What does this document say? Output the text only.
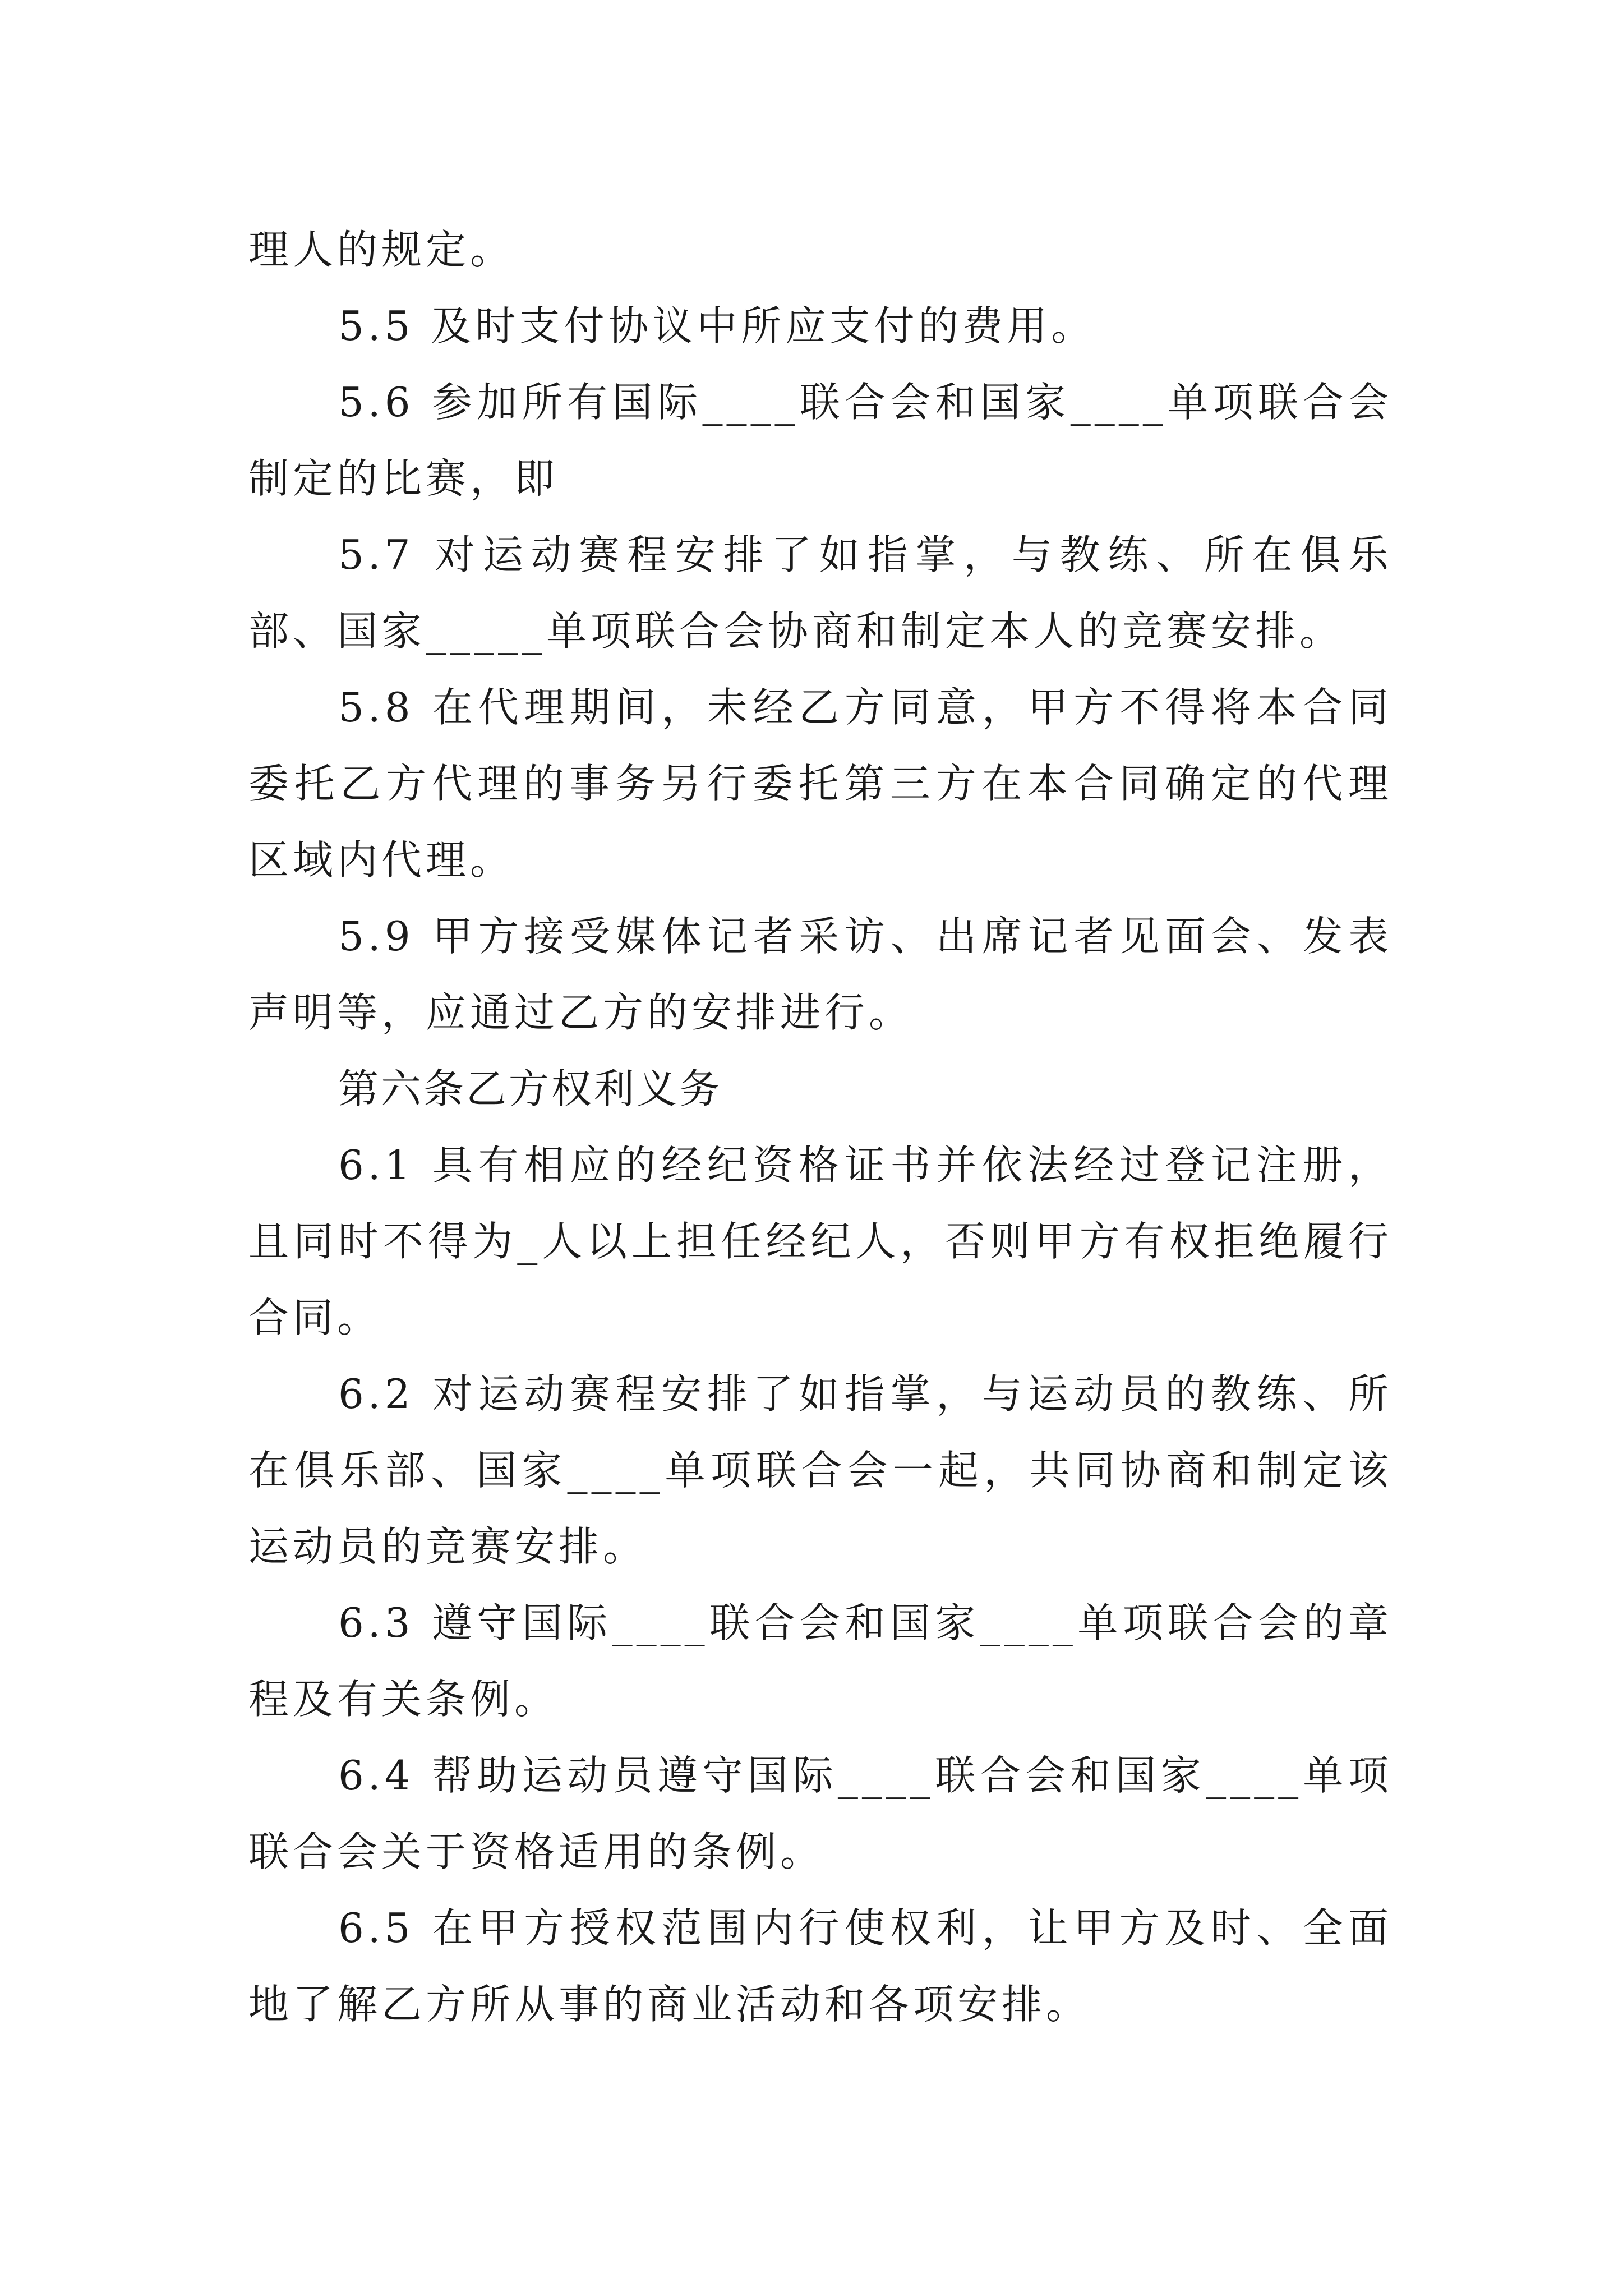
理人的规定。

5.5 及时支付协议中所应支付的费用。

5.6 参加所有国际____联合会和国家____单项联合会制定的比赛，即

5.7 对运动赛程安排了如指掌，与教练、所在俱乐部、国家_____单项联合会协商和制定本人的竞赛安排。

5.8 在代理期间，未经乙方同意，甲方不得将本合同委托乙方代理的事务另行委托第三方在本合同确定的代理区域内代理。

5.9 甲方接受媒体记者采访、出席记者见面会、发表声明等，应通过乙方的安排进行。

第六条乙方权利义务

6.1 具有相应的经纪资格证书并依法经过登记注册，且同时不得为_人以上担任经纪人，否则甲方有权拒绝履行合同。

6.2 对运动赛程安排了如指掌，与运动员的教练、所在俱乐部、国家____单项联合会一起，共同协商和制定该运动员的竞赛安排。

6.3 遵守国际____联合会和国家____单项联合会的章程及有关条例。

6.4 帮助运动员遵守国际____联合会和国家____单项联合会关于资格适用的条例。

6.5 在甲方授权范围内行使权利，让甲方及时、全面地了解乙方所从事的商业活动和各项安排。
